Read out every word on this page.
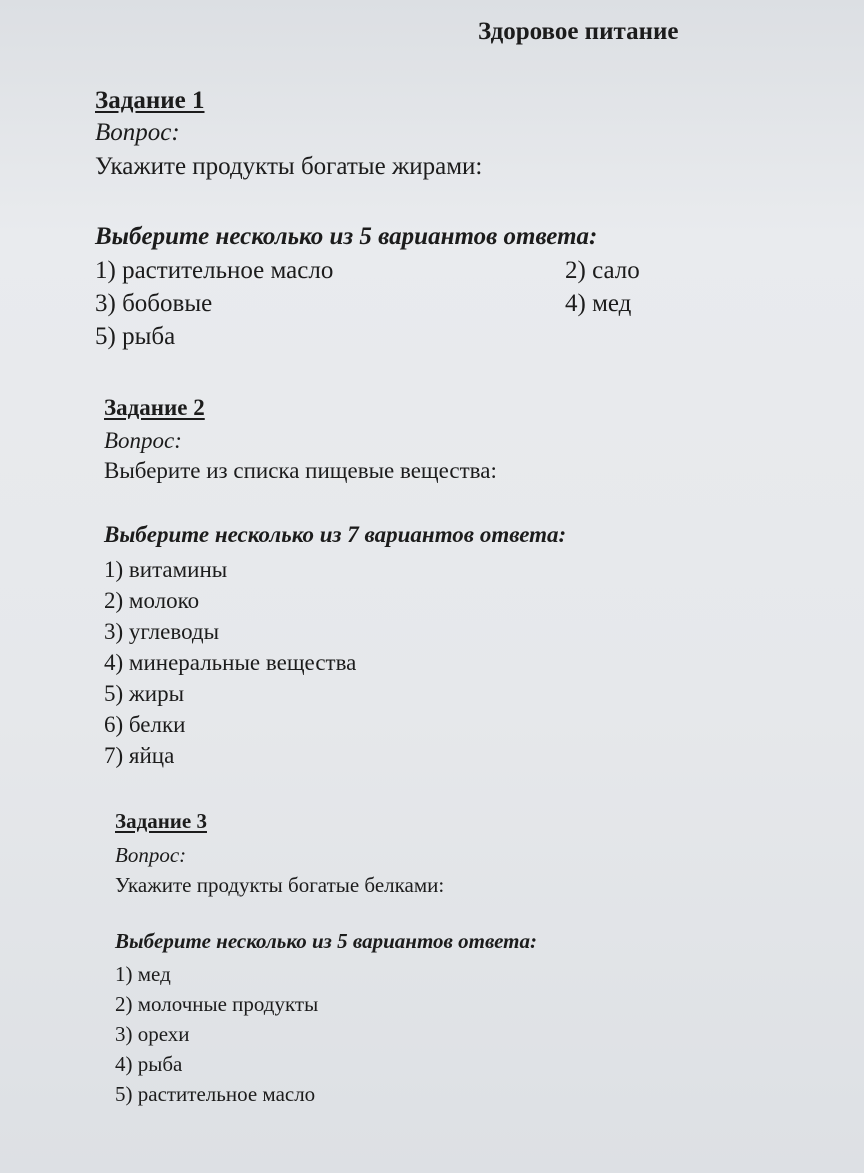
Здоровое питание

Задание 1

Вопрос:

Укажите продукты богатые жирами:

Выберите несколько из 5 вариантов ответа:

1) растительное масло	2) сало
3) бобовые	4) мед
5) рыба

Задание 2

Вопрос:

Выберите из списка пищевые вещества:

Выберите несколько из 7 вариантов ответа:

1) витамины
2) молоко
3) углеводы
4) минеральные вещества
5) жиры
6) белки
7) яйца

Задание 3

Вопрос:

Укажите продукты богатые белками:

Выберите несколько из 5 вариантов ответа:

1) мед
2) молочные продукты
3) орехи
4) рыба
5) растительное масло
